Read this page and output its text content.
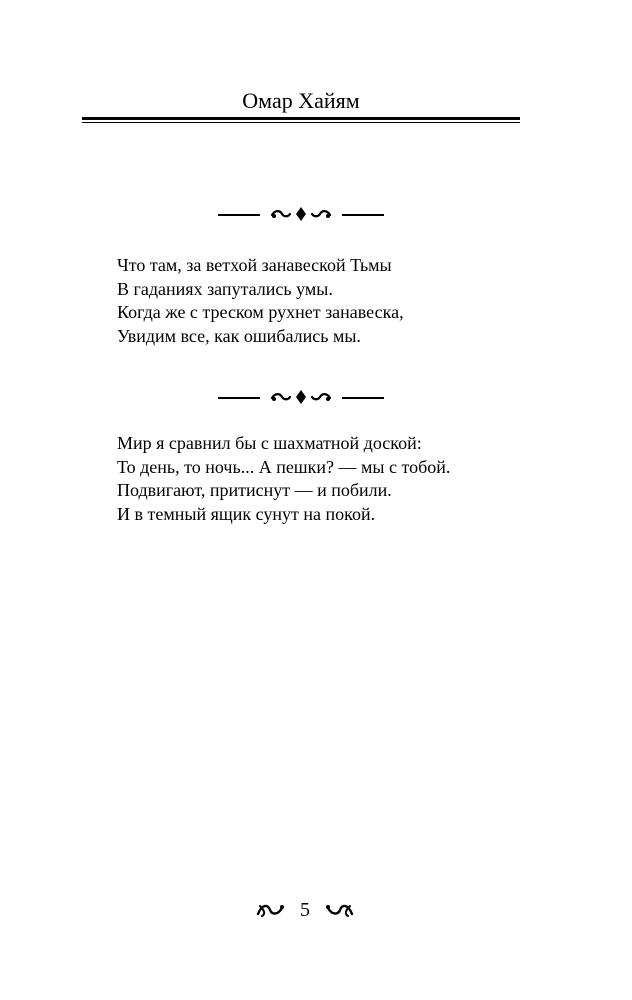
Омар Хайям
Что там, за ветхой занавеской Тьмы
В гаданиях запутались умы.
Когда же с треском рухнет занавеска,
Увидим все, как ошибались мы.
Мир я сравнил бы с шахматной доской:
То день, то ночь... А пешки? — мы с тобой.
Подвигают, притиснут — и побили.
И в темный ящик сунут на покой.
5
